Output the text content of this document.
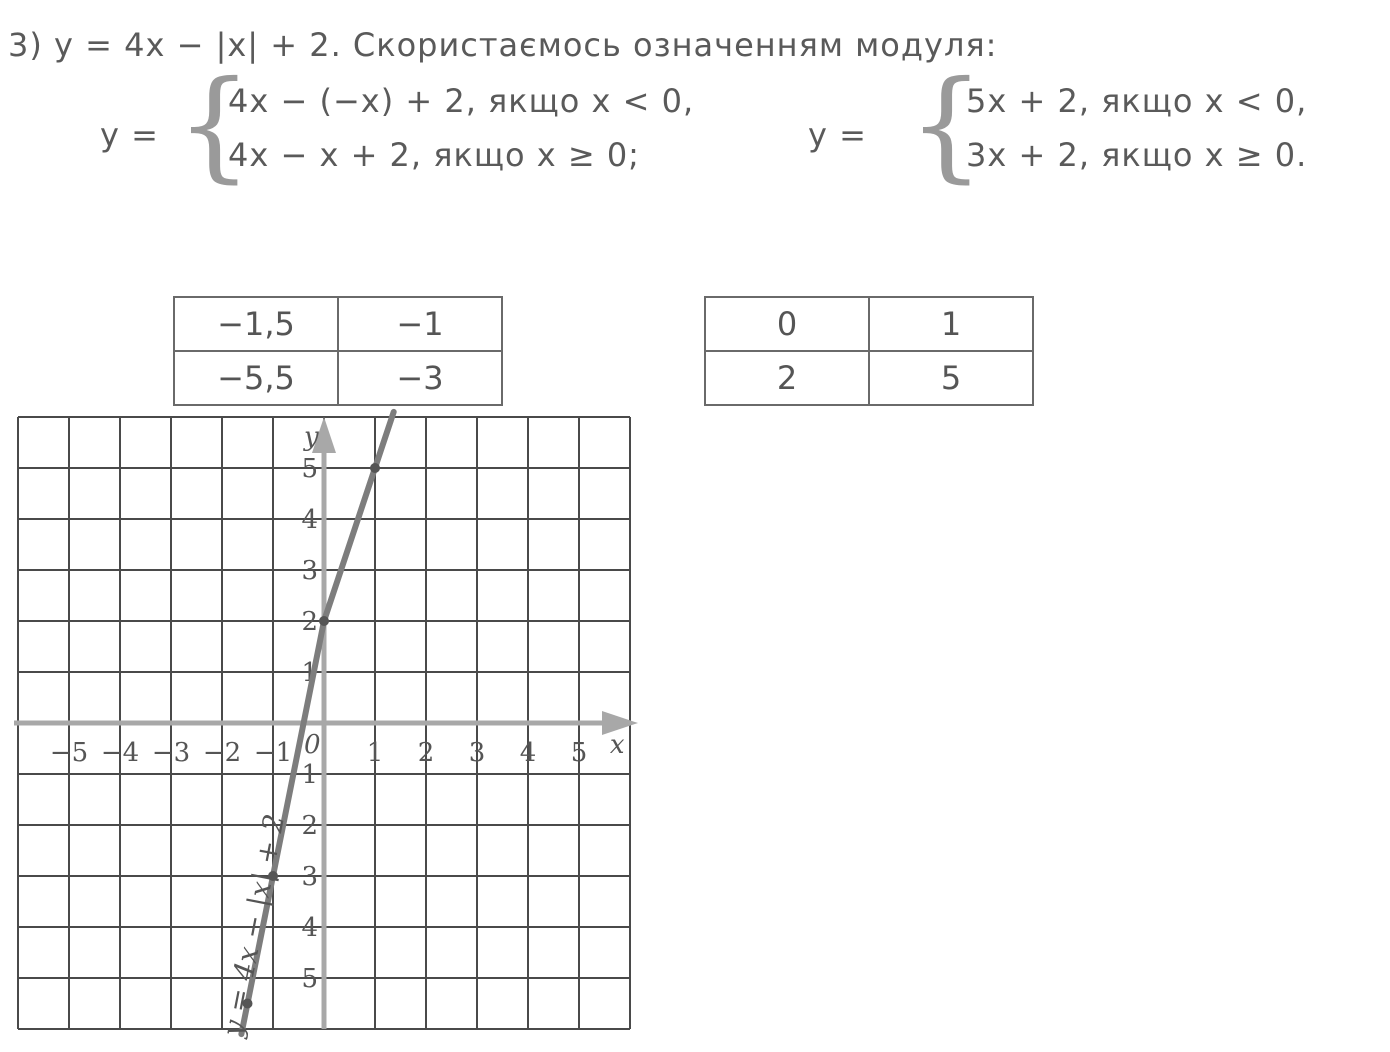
3) y = 4x − |x| + 2. Скористаємось означенням модуля:
y = {
4x − (−x) + 2, якщо x < 0,
4x − x + 2, якщо x ≥ 0;
y = {
5x + 2, якщо x < 0,
3x + 2, якщо x ≥ 0.
−1,5	−1
−5,5	−3
0	1
2	5
−5 −4 −3 −2 −1	1 2 3 4 5
5
4
3
2
1
1
2
3
4
5
x
y
0
y = 4x − |x| + 2
